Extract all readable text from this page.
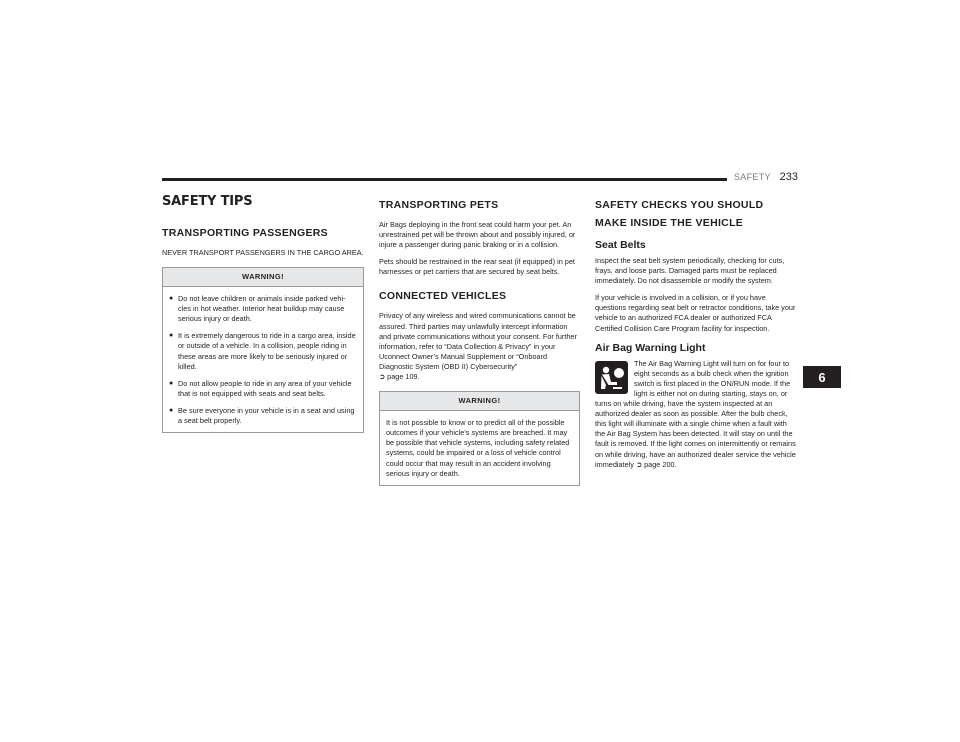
SAFETY 233
6
SAFETY TIPS
TRANSPORTING PASSENGERS

NEVER TRANSPORT PASSENGERS IN THE CARGO AREA.

WARNING!
● Do not leave children or animals inside parked vehi-cles in hot weather. Interior heat buildup may cause serious injury or death.
● It is extremely dangerous to ride in a cargo area, inside or outside of a vehicle. In a collision, people riding in these areas are more likely to be seriously injured or killed.
● Do not allow people to ride in any area of your vehicle that is not equipped with seats and seat belts.
● Be sure everyone in your vehicle is in a seat and using a seat belt properly.
TRANSPORTING PETS

Air Bags deploying in the front seat could harm your pet. An unrestrained pet will be thrown about and possibly injured, or injure a passenger during panic braking or in a collision.

Pets should be restrained in the rear seat (if equipped) in pet harnesses or pet carriers that are secured by seat belts.

CONNECTED VEHICLES

Privacy of any wireless and wired communications cannot be assured. Third parties may unlawfully intercept information and private communications without your consent. For further information, refer to “Data Collection & Privacy” in your Uconnect Owner’s Manual Supplement or “Onboard Diagnostic System (OBD II) Cybersecurity”
➲ page 109.

WARNING!
It is not possible to know or to predict all of the possible outcomes if your vehicle’s systems are breached. It may be possible that vehicle systems, including safety related systems, could be impaired or a loss of vehicle control could occur that may result in an accident involving serious injury or death.
SAFETY CHECKS YOU SHOULD MAKE INSIDE THE VEHICLE
Seat Belts

Inspect the seat belt system periodically, checking for cuts, frays, and loose parts. Damaged parts must be replaced immediately. Do not disassemble or modify the system.

If your vehicle is involved in a collision, or if you have questions regarding seat belt or retractor conditions, take your vehicle to an authorized FCA dealer or authorized FCA Certified Collision Care Program facility for inspection.

Air Bag Warning Light
The Air Bag Warning Light will turn on for four to eight seconds as a bulb check when the ignition switch is first placed in the ON/RUN mode. If the light is either not on during starting, stays on, or turns on while driving, have the system inspected at an authorized dealer as soon as possible. After the bulb check, this light will illuminate with a single chime when a fault with the Air Bag System has been detected. It will stay on until the fault is removed. If the light comes on intermittently or remains on while driving, have an authorized dealer service the vehicle immediately ➲ page 200.
